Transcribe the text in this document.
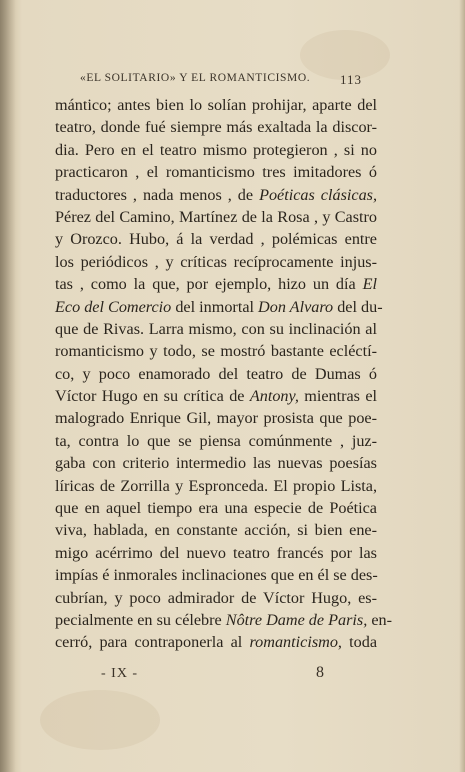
«EL SOLITARIO» Y EL ROMANTICISMO. 113
mántico; antes bien lo solían prohijar, aparte del
teatro, donde fué siempre más exaltada la discor-
dia. Pero en el teatro mismo protegieron , si no
practicaron , el romanticismo tres imitadores ó
traductores , nada menos , de Poéticas clásicas,
Pérez del Camino, Martínez de la Rosa , y Castro
y Orozco. Hubo, á la verdad , polémicas entre
los periódicos , y críticas recíprocamente injus-
tas , como la que, por ejemplo, hizo un día El
Eco del Comercio del inmortal Don Alvaro del du-
que de Rivas. Larra mismo, con su inclinación al
romanticismo y todo, se mostró bastante ecléctí-
co, y poco enamorado del teatro de Dumas ó
Víctor Hugo en su crítica de Antony, mientras el
malogrado Enrique Gil, mayor prosista que poe-
ta, contra lo que se piensa comúnmente , juz-
gaba con criterio intermedio las nuevas poesías
líricas de Zorrilla y Espronceda. El propio Lista,
que en aquel tiempo era una especie de Poética
viva, hablada, en constante acción, si bien ene-
migo acérrimo del nuevo teatro francés por las
impías é inmorales inclinaciones que en él se des-
cubrían, y poco admirador de Víctor Hugo, es-
pecialmente en su célebre Nôtre Dame de Paris, en-
cerró, para contraponerla al romanticismo, toda
- IX -	8
